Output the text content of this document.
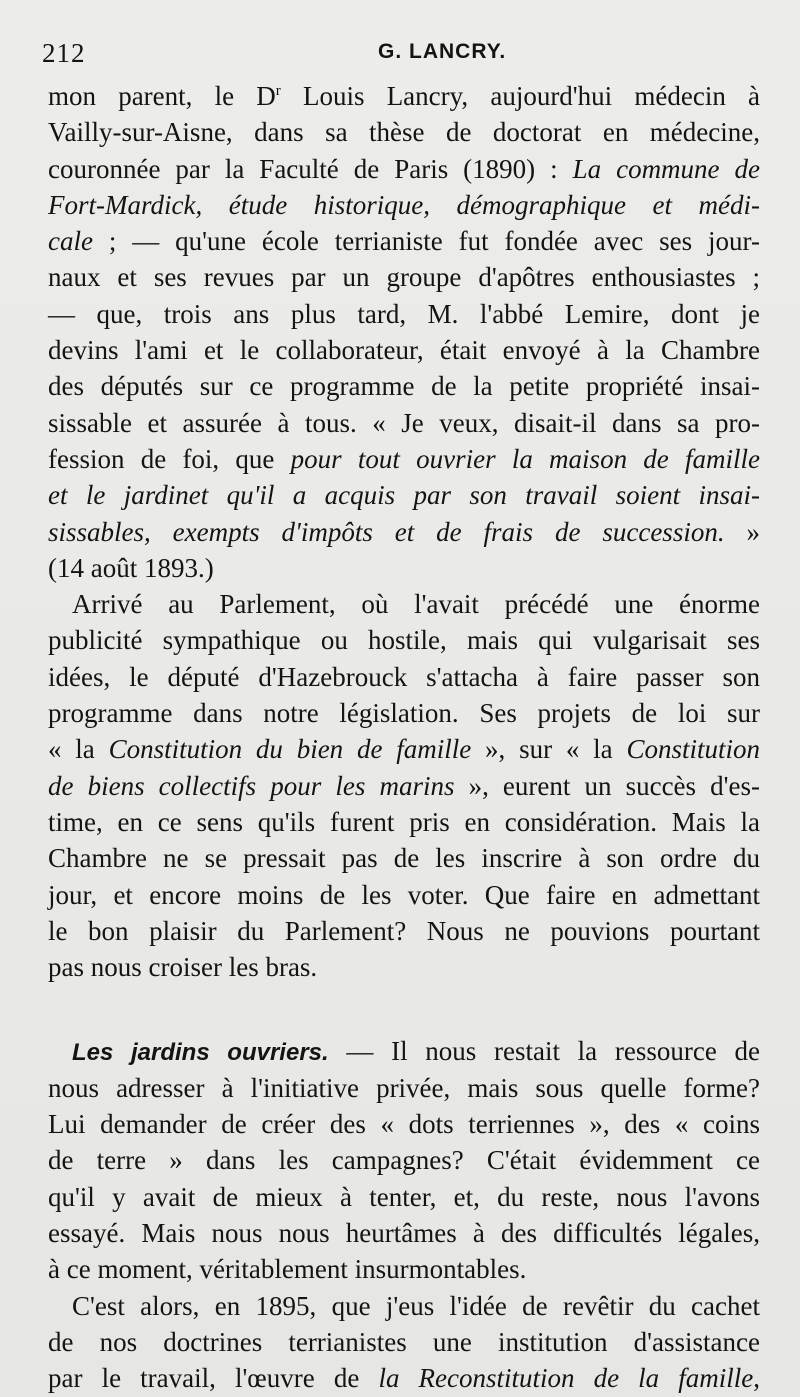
212	G. LANCRY.
mon parent, le $D^r$ Louis Lancry, aujourd'hui médecin à
Vailly-sur-Aisne, dans sa thèse de doctorat en médecine,
couronnée par la Faculté de Paris (1890) : La commune de
Fort-Mardick, étude historique, démographique et médi-
cale ; — qu'une école terrianiste fut fondée avec ses jour-
naux et ses revues par un groupe d'apôtres enthousiastes ;
— que, trois ans plus tard, M. l'abbé Lemire, dont je
devins l'ami et le collaborateur, était envoyé à la Chambre
des députés sur ce programme de la petite propriété insai-
sissable et assurée à tous. « Je veux, disait-il dans sa pro-
fession de foi, que pour tout ouvrier la maison de famille
et le jardinet qu'il a acquis par son travail soient insai-
sissables, exempts d'impôts et de frais de succession. »
(14 août 1893.)
Arrivé au Parlement, où l'avait précédé une énorme
publicité sympathique ou hostile, mais qui vulgarisait ses
idées, le député d'Hazebrouck s'attacha à faire passer son
programme dans notre législation. Ses projets de loi sur
« la Constitution du bien de famille », sur « la Constitution
de biens collectifs pour les marins », eurent un succès d'es-
time, en ce sens qu'ils furent pris en considération. Mais la
Chambre ne se pressait pas de les inscrire à son ordre du
jour, et encore moins de les voter. Que faire en admettant
le bon plaisir du Parlement? Nous ne pouvions pourtant
pas nous croiser les bras.
Les jardins ouvriers. — Il nous restait la ressource de
nous adresser à l'initiative privée, mais sous quelle forme?
Lui demander de créer des « dots terriennes », des « coins
de terre » dans les campagnes? C'était évidemment ce
qu'il y avait de mieux à tenter, et, du reste, nous l'avons
essayé. Mais nous nous heurtâmes à des difficultés légales,
à ce moment, véritablement insurmontables.
C'est alors, en 1895, que j'eus l'idée de revêtir du cachet
de nos doctrines terrianistes une institution d'assistance
par le travail, l'œuvre de la Reconstitution de la famille,
